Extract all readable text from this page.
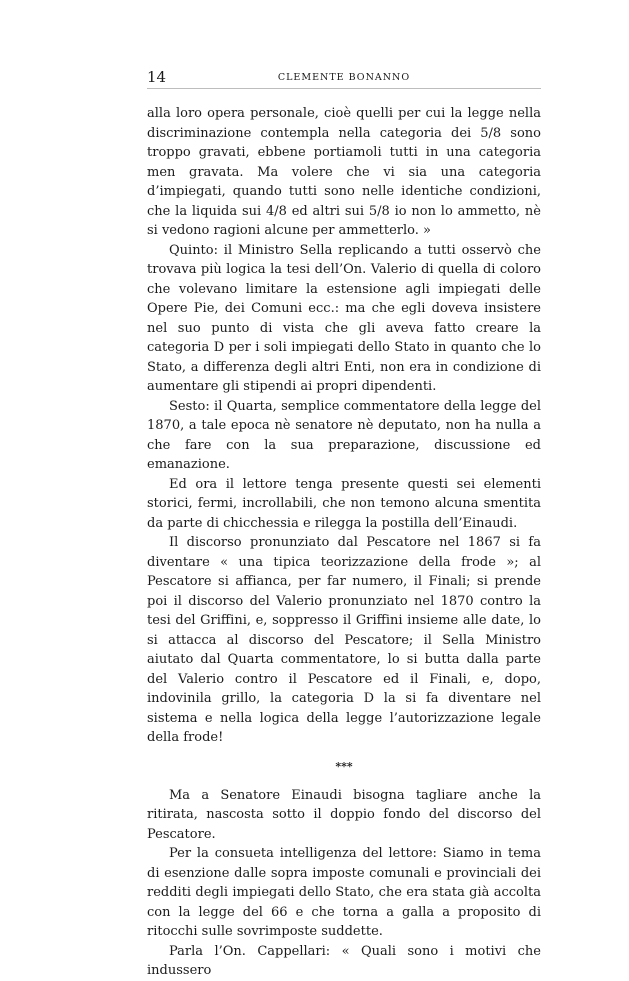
14	CLEMENTE BONANNO

alla loro opera personale, cioè quelli per cui la legge nella discriminazione contempla nella categoria dei 5/8 sono troppo gravati, ebbene portiamoli tutti in una categoria men gravata. Ma volere che vi sia una categoria d’impiegati, quando tutti sono nelle identiche condizioni, che la liquida sui 4/8 ed altri sui 5/8 io non lo ammetto, nè si vedono ragioni alcune per ammetterlo. »

Quinto: il Ministro Sella replicando a tutti osservò che trovava più logica la tesi dell’On. Valerio di quella di coloro che volevano limitare la estensione agli impiegati delle Opere Pie, dei Comuni ecc.: ma che egli doveva insistere nel suo punto di vista che gli aveva fatto creare la categoria D per i soli impiegati dello Stato in quanto che lo Stato, a differenza degli altri Enti, non era in condizione di aumentare gli stipendi ai propri dipendenti.

Sesto: il Quarta, semplice commentatore della legge del 1870, a tale epoca nè senatore nè deputato, non ha nulla a che fare con la sua preparazione, discussione ed emanazione.

Ed ora il lettore tenga presente questi sei elementi storici, fermi, incrollabili, che non temono alcuna smentita da parte di chicchessia e rilegga la postilla dell’Einaudi.

Il discorso pronunziato dal Pescatore nel 1867 si fa diventare « una tipica teorizzazione della frode »; al Pescatore si affianca, per far numero, il Finali; si prende poi il discorso del Valerio pronunziato nel 1870 contro la tesi del Griffini, e, soppresso il Griffini insieme alle date, lo si attacca al discorso del Pescatore; il Sella Ministro aiutato dal Quarta commentatore, lo si butta dalla parte del Valerio contro il Pescatore ed il Finali, e, dopo, indovinila grillo, la categoria D la si fa diventare nel sistema e nella logica della legge l’autorizzazione legale della frode!

***

Ma a Senatore Einaudi bisogna tagliare anche la ritirata, nascosta sotto il doppio fondo del discorso del Pescatore.

Per la consueta intelligenza del lettore: Siamo in tema di esenzione dalle sopra imposte comunali e provinciali dei redditi degli impiegati dello Stato, che era stata già accolta con la legge del 66 e che torna a galla a proposito di ritocchi sulle sovrimposte suddette.

Parla l’On. Cappellari: « Quali sono i motivi che indussero
